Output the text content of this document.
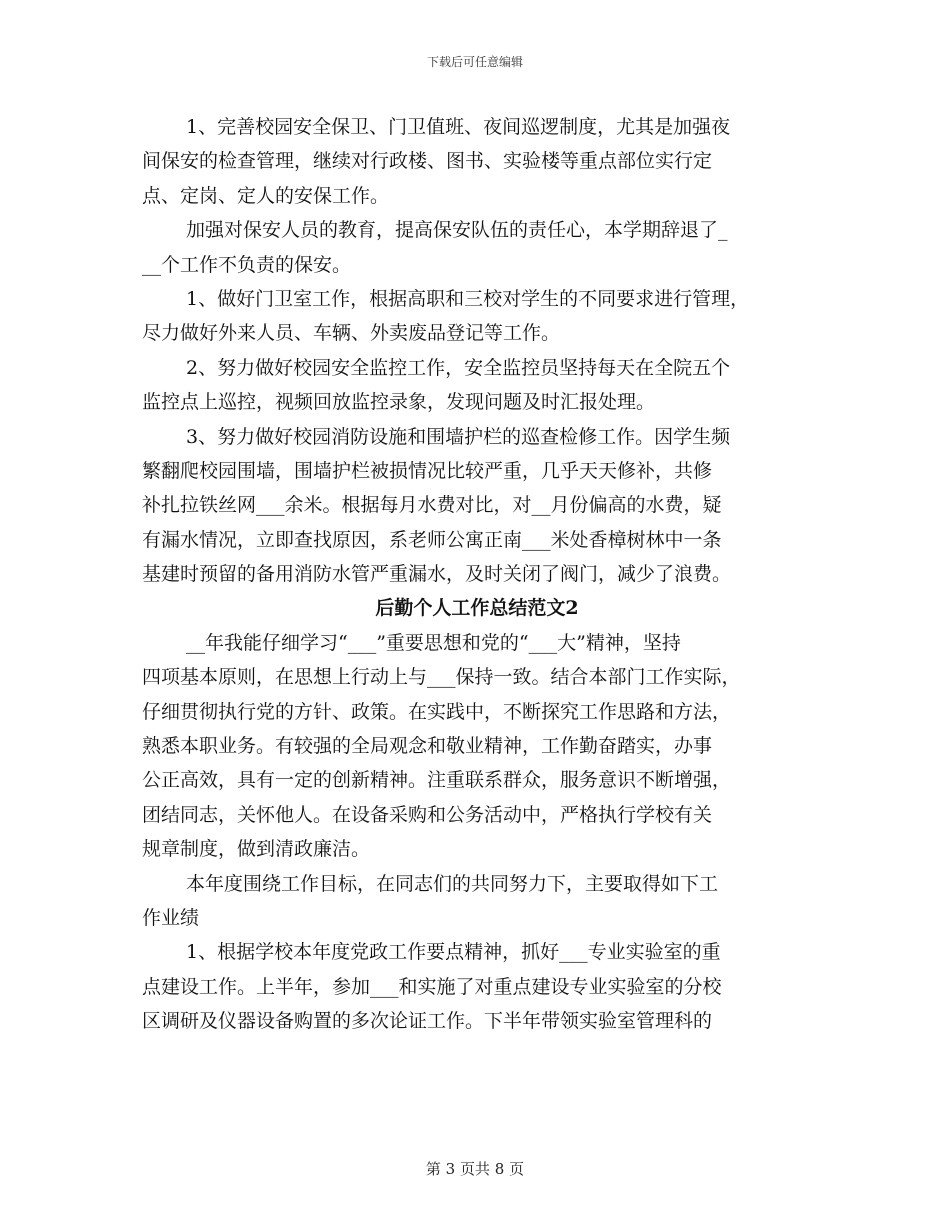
下载后可任意编辑
1、完善校园安全保卫、门卫值班、夜间巡逻制度，尤其是加强夜
间保安的检查管理，继续对行政楼、图书、实验楼等重点部位实行定
点、定岗、定人的安保工作。
加强对保安人员的教育，提高保安队伍的责任心，本学期辞退了_
__个工作不负责的保安。
1、做好门卫室工作，根据高职和三校对学生的不同要求进行管理，
尽力做好外来人员、车辆、外卖废品登记等工作。
2、努力做好校园安全监控工作，安全监控员坚持每天在全院五个
监控点上巡控，视频回放监控录象，发现问题及时汇报处理。
3、努力做好校园消防设施和围墙护栏的巡查检修工作。因学生频
繁翻爬校园围墙，围墙护栏被损情况比较严重，几乎天天修补，共修
补扎拉铁丝网___余米。根据每月水费对比，对__月份偏高的水费，疑
有漏水情况，立即查找原因，系老师公寓正南___米处香樟树林中一条
基建时预留的备用消防水管严重漏水，及时关闭了阀门，减少了浪费。
后勤个人工作总结范文2
__年我能仔细学习“___”重要思想和党的“___大”精神，坚持
四项基本原则，在思想上行动上与___保持一致。结合本部门工作实际，
仔细贯彻执行党的方针、政策。在实践中，不断探究工作思路和方法，
熟悉本职业务。有较强的全局观念和敬业精神，工作勤奋踏实，办事
公正高效，具有一定的创新精神。注重联系群众，服务意识不断增强，
团结同志，关怀他人。在设备采购和公务活动中，严格执行学校有关
规章制度，做到清政廉洁。
本年度围绕工作目标，在同志们的共同努力下，主要取得如下工
作业绩
1、根据学校本年度党政工作要点精神，抓好___专业实验室的重
点建设工作。上半年，参加___和实施了对重点建设专业实验室的分校
区调研及仪器设备购置的多次论证工作。下半年带领实验室管理科的
第 3 页共 8 页
